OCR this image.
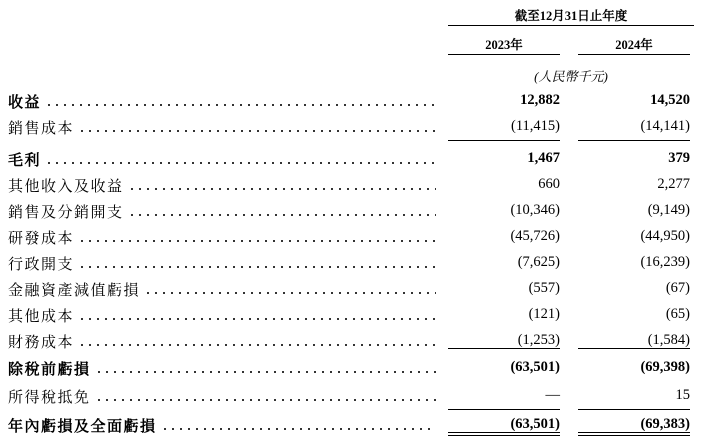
截至12月31日止年度
2023年	2024年
(人民幣千元)
收益	12,882	14,520
銷售成本	(11,415)	(14,141)
毛利	1,467	379
其他收入及收益	660	2,277
銷售及分銷開支	(10,346)	(9,149)
研發成本	(45,726)	(44,950)
行政開支	(7,625)	(16,239)
金融資產減值虧損	(557)	(67)
其他成本	(121)	(65)
財務成本	(1,253)	(1,584)
除稅前虧損	(63,501)	(69,398)
所得稅抵免	—	15
年內虧損及全面虧損	(63,501)	(69,383)
